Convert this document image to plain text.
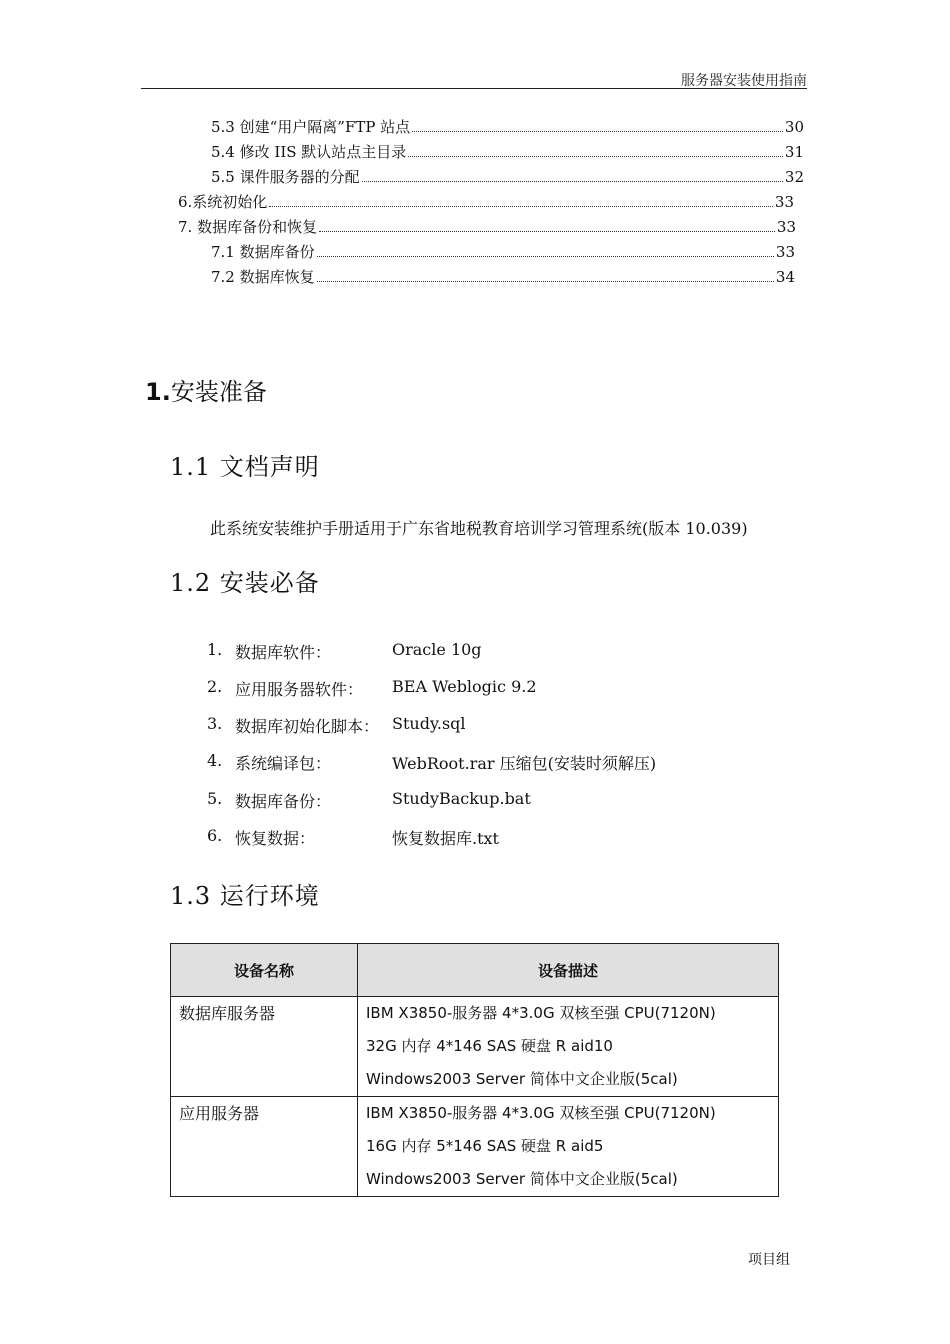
服务器安装使用指南
5.3 创建“用户隔离”FTP 站点	30
5.4 修改 IIS 默认站点主目录	31
5.5 课件服务器的分配	32
6.系统初始化	33
7. 数据库备份和恢复	33
7.1 数据库备份	33
7.2 数据库恢复	34
1.安装准备
1.1 文档声明
此系统安装维护手册适用于广东省地税教育培训学习管理系统(版本 10.039)
1.2 安装必备
1. 数据库软件：	Oracle 10g
2. 应用服务器软件： BEA Weblogic 9.2
3. 数据库初始化脚本： Study.sql
4. 系统编译包：	WebRoot.rar 压缩包(安装时须解压)
5. 数据库备份：	StudyBackup.bat
6. 恢复数据：	恢复数据库.txt
1.3 运行环境
设备名称	设备描述
数据库服务器	IBM X3850-服务器 4*3.0G 双核至强 CPU(7120N)
32G 内存 4*146 SAS 硬盘 R aid10
Windows2003 Server 简体中文企业版(5cal)

应用服务器	IBM X3850-服务器 4*3.0G 双核至强 CPU(7120N)
16G 内存 5*146 SAS 硬盘 R aid5
Windows2003 Server 简体中文企业版(5cal)
项目组
